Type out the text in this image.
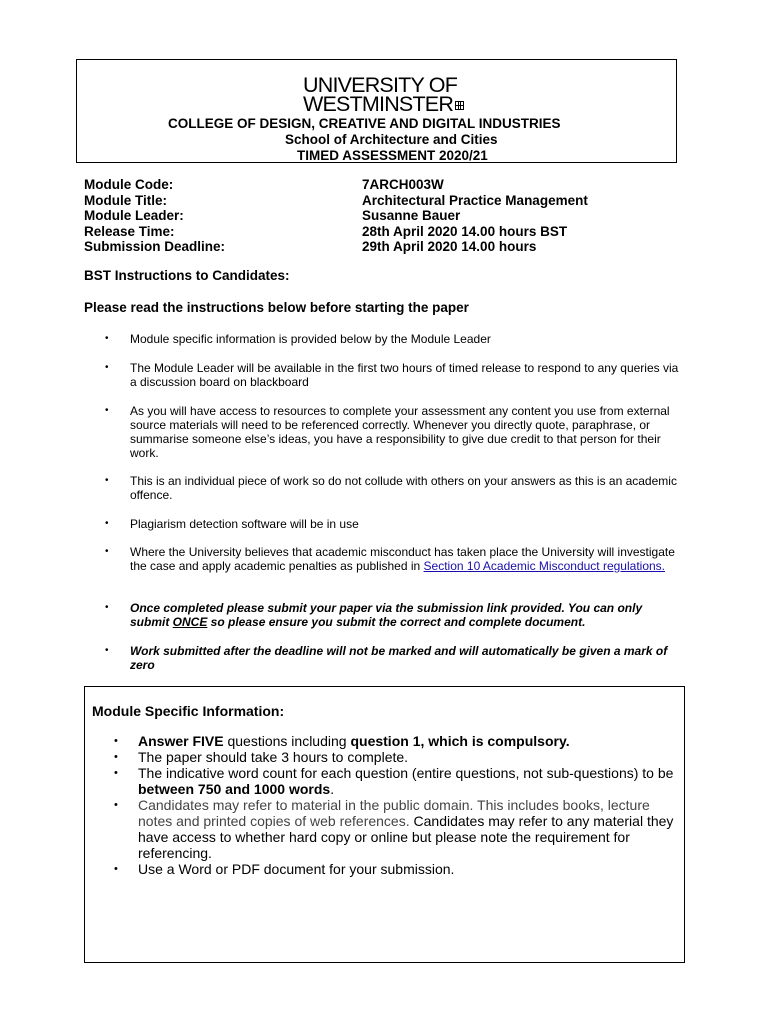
UNIVERSITY OF
WESTMINSTER
COLLEGE OF DESIGN, CREATIVE AND DIGITAL INDUSTRIES
School of Architecture and Cities
TIMED ASSESSMENT 2020/21
Module Code:	7ARCH003W
Module Title:	Architectural Practice Management
Module Leader:	Susanne Bauer
Release Time:	28th April 2020 14.00 hours BST
Submission Deadline:	29th April 2020 14.00 hours
BST Instructions to Candidates:
Please read the instructions below before starting the paper
•	Module specific information is provided below by the Module Leader
•	The Module Leader will be available in the first two hours of timed release to respond to any queries via a discussion board on blackboard
•	As you will have access to resources to complete your assessment any content you use from external source materials will need to be referenced correctly. Whenever you directly quote, paraphrase, or summarise someone else’s ideas, you have a responsibility to give due credit to that person for their work.
•	This is an individual piece of work so do not collude with others on your answers as this is an academic offence.
•	Plagiarism detection software will be in use
•	Where the University believes that academic misconduct has taken place the University will investigate the case and apply academic penalties as published in Section 10 Academic Misconduct regulations.
•	Once completed please submit your paper via the submission link provided. You can only submit ONCE so please ensure you submit the correct and complete document.
•	Work submitted after the deadline will not be marked and will automatically be given a mark of zero
Module Specific Information:
•	Answer FIVE questions including question 1, which is compulsory.
•	The paper should take 3 hours to complete.
•	The indicative word count for each question (entire questions, not sub-questions) to be between 750 and 1000 words.
•	Candidates may refer to material in the public domain. This includes books, lecture notes and printed copies of web references. Candidates may refer to any material they have access to whether hard copy or online but please note the requirement for referencing.
•	Use a Word or PDF document for your submission.
